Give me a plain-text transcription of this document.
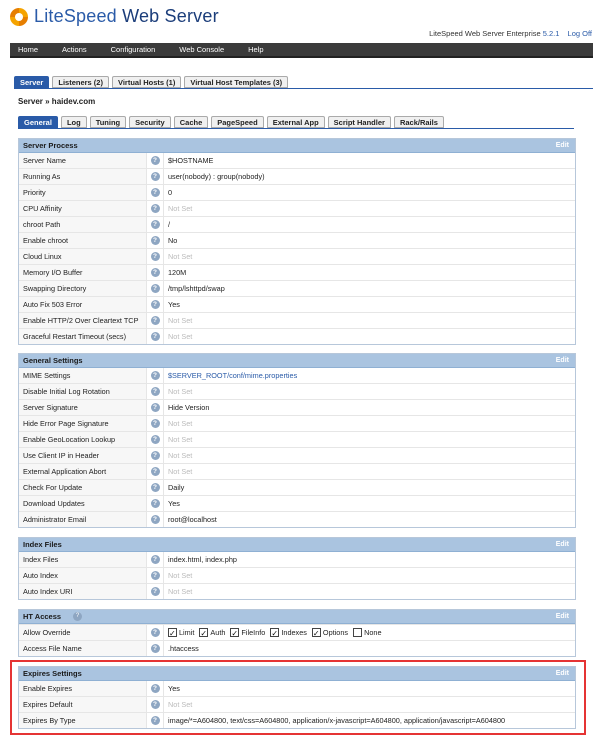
LiteSpeed Web Server
LiteSpeed Web Server Enterprise 5.2.1 Log Off
Home	Actions	Configuration	Web Console	Help
Server	Listeners (2)	Virtual Hosts (1)	Virtual Host Templates (3)
Server » haidev.com
General	Log	Tuning	Security	Cache	PageSpeed	External App	Script Handler	Rack/Rails
Server Process	Edit
Server Name	?	$HOSTNAME
Running As	?	user(nobody) : group(nobody)
Priority	?	0
CPU Affinity	?	Not Set
chroot Path	?	/
Enable chroot	?	No
Cloud Linux	?	Not Set
Memory I/O Buffer	?	120M
Swapping Directory	?	/tmp/lshttpd/swap
Auto Fix 503 Error	?	Yes
Enable HTTP/2 Over Cleartext TCP	?	Not Set
Graceful Restart Timeout (secs)	?	Not Set
General Settings	Edit
MIME Settings	?	$SERVER_ROOT/conf/mime.properties
Disable Initial Log Rotation	?	Not Set
Server Signature	?	Hide Version
Hide Error Page Signature	?	Not Set
Enable GeoLocation Lookup	?	Not Set
Use Client IP in Header	?	Not Set
External Application Abort	?	Not Set
Check For Update	?	Daily
Download Updates	?	Yes
Administrator Email	?	root@localhost
Index Files	Edit
Index Files	?	index.html, index.php
Auto Index	?	Not Set
Auto Index URI	?	Not Set
HT Access	?	Edit
Allow Override	? ✓	Limit ✓ Auth ✓ FileInfo ✓ Indexes ✓ Options None
Access File Name	?	.htaccess
Expires Settings	Edit
Enable Expires	?	Yes
Expires Default	?	Not Set
Expires By Type	?	image/*=A604800, text/css=A604800, application/x-javascript=A604800, application/javascript=A604800
